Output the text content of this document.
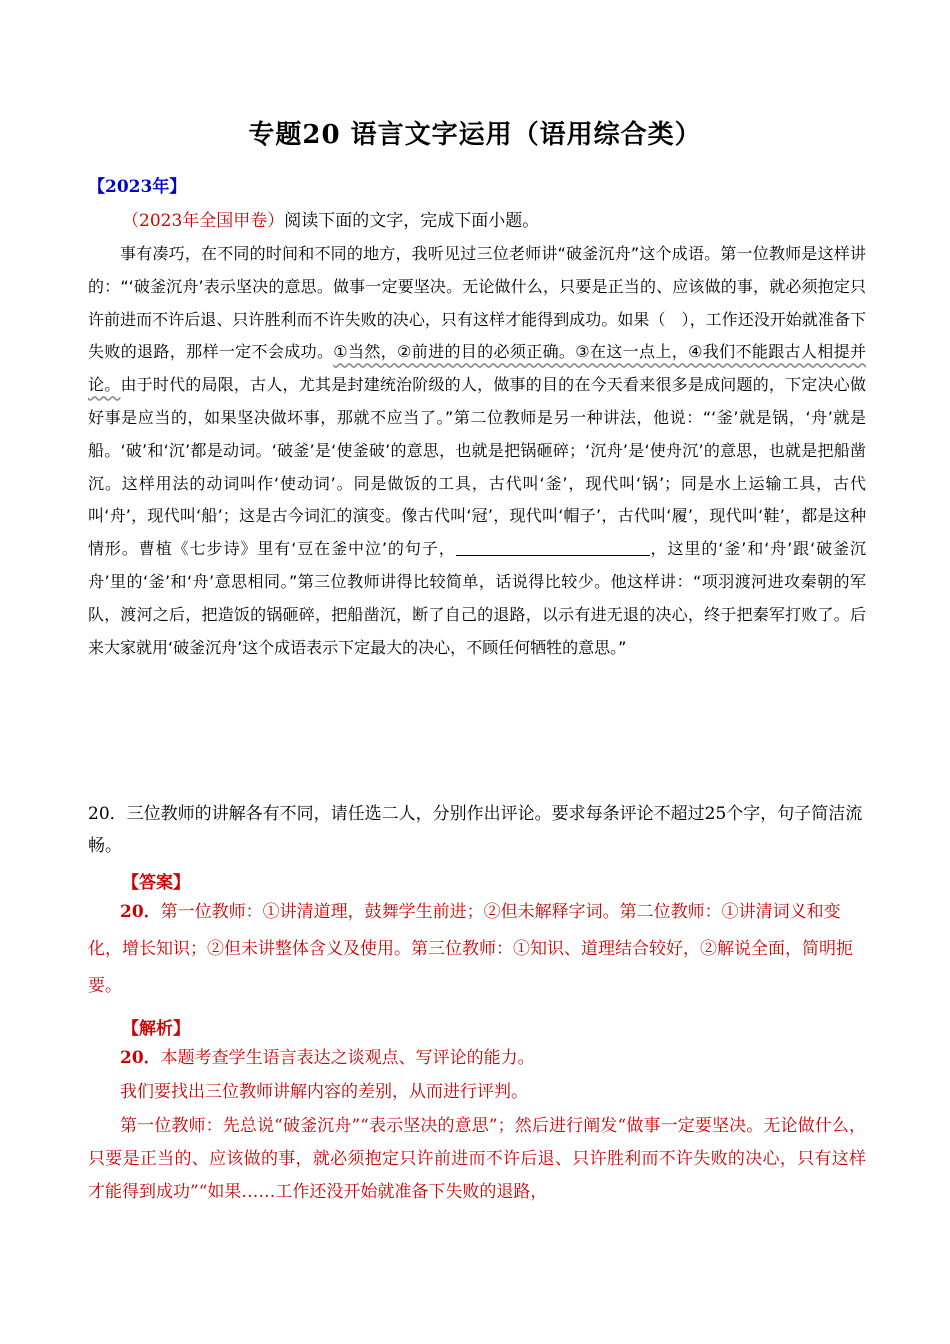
专题20 语言文字运用（语用综合类）
【2023年】
（2023年全国甲卷）阅读下面的文字，完成下面小题。

事有凑巧，在不同的时间和不同的地方，我听见过三位老师讲“破釜沉舟”这个成语。第一位教师是这样讲的：“‘破釜沉舟’表示坚决的意思。做事一定要坚决。无论做什么，只要是正当的、应该做的事，就必须抱定只许前进而不许后退、只许胜利而不许失败的决心，只有这样才能得到成功。如果（　），工作还没开始就准备下失败的退路，那样一定不会成功。①当然，②前进的目的必须正确。③在这一点上，④我们不能跟古人相提并论。由于时代的局限，古人，尤其是封建统治阶级的人，做事的目的在今天看来很多是成问题的，下定决心做好事是应当的，如果坚决做坏事，那就不应当了。”第二位教师是另一种讲法，他说：“‘釜’就是锅，‘舟’就是船。‘破’和‘沉’都是动词。‘破釜’是‘使釜破’的意思，也就是把锅砸碎；‘沉舟’是‘使舟沉’的意思，也就是把船凿沉。这样用法的动词叫作‘使动词’。同是做饭的工具，古代叫‘釜’，现代叫‘锅’；同是水上运输工具，古代叫‘舟’，现代叫‘船’；这是古今词汇的演变。像古代叫‘冠’，现代叫‘帽子’，古代叫‘履’，现代叫‘鞋’，都是这种情形。曹植《七步诗》里有‘豆在釜中泣’的句子，	，这里的‘釜’和‘舟’跟‘破釜沉舟’里的‘釜’和‘舟’意思相同。”第三位教师讲得比较简单，话说得比较少。他这样讲：“项羽渡河进攻秦朝的军队，渡河之后，把造饭的锅砸碎，把船凿沉，断了自己的退路，以示有进无退的决心，终于把秦军打败了。后来大家就用‘破釜沉舟’这个成语表示下定最大的决心，不顾任何牺牲的意思。”

20．三位教师的讲解各有不同，请任选二人，分别作出评论。要求每条评论不超过25个字，句子简洁流畅。
【答案】

20．第一位教师：①讲清道理，鼓舞学生前进；②但未解释字词。第二位教师：①讲清词义和变化，增长知识；②但未讲整体含义及使用。第三位教师：①知识、道理结合较好，②解说全面，简明扼要。

【解析】

20．本题考查学生语言表达之谈观点、写评论的能力。

我们要找出三位教师讲解内容的差别，从而进行评判。

第一位教师：先总说“破釜沉舟”“表示坚决的意思”；然后进行阐发“做事一定要坚决。无论做什么，只要是正当的、应该做的事，就必须抱定只许前进而不许后退、只许胜利而不许失败的决心，只有这样才能得到成功”“如果……工作还没开始就准备下失败的退路，
